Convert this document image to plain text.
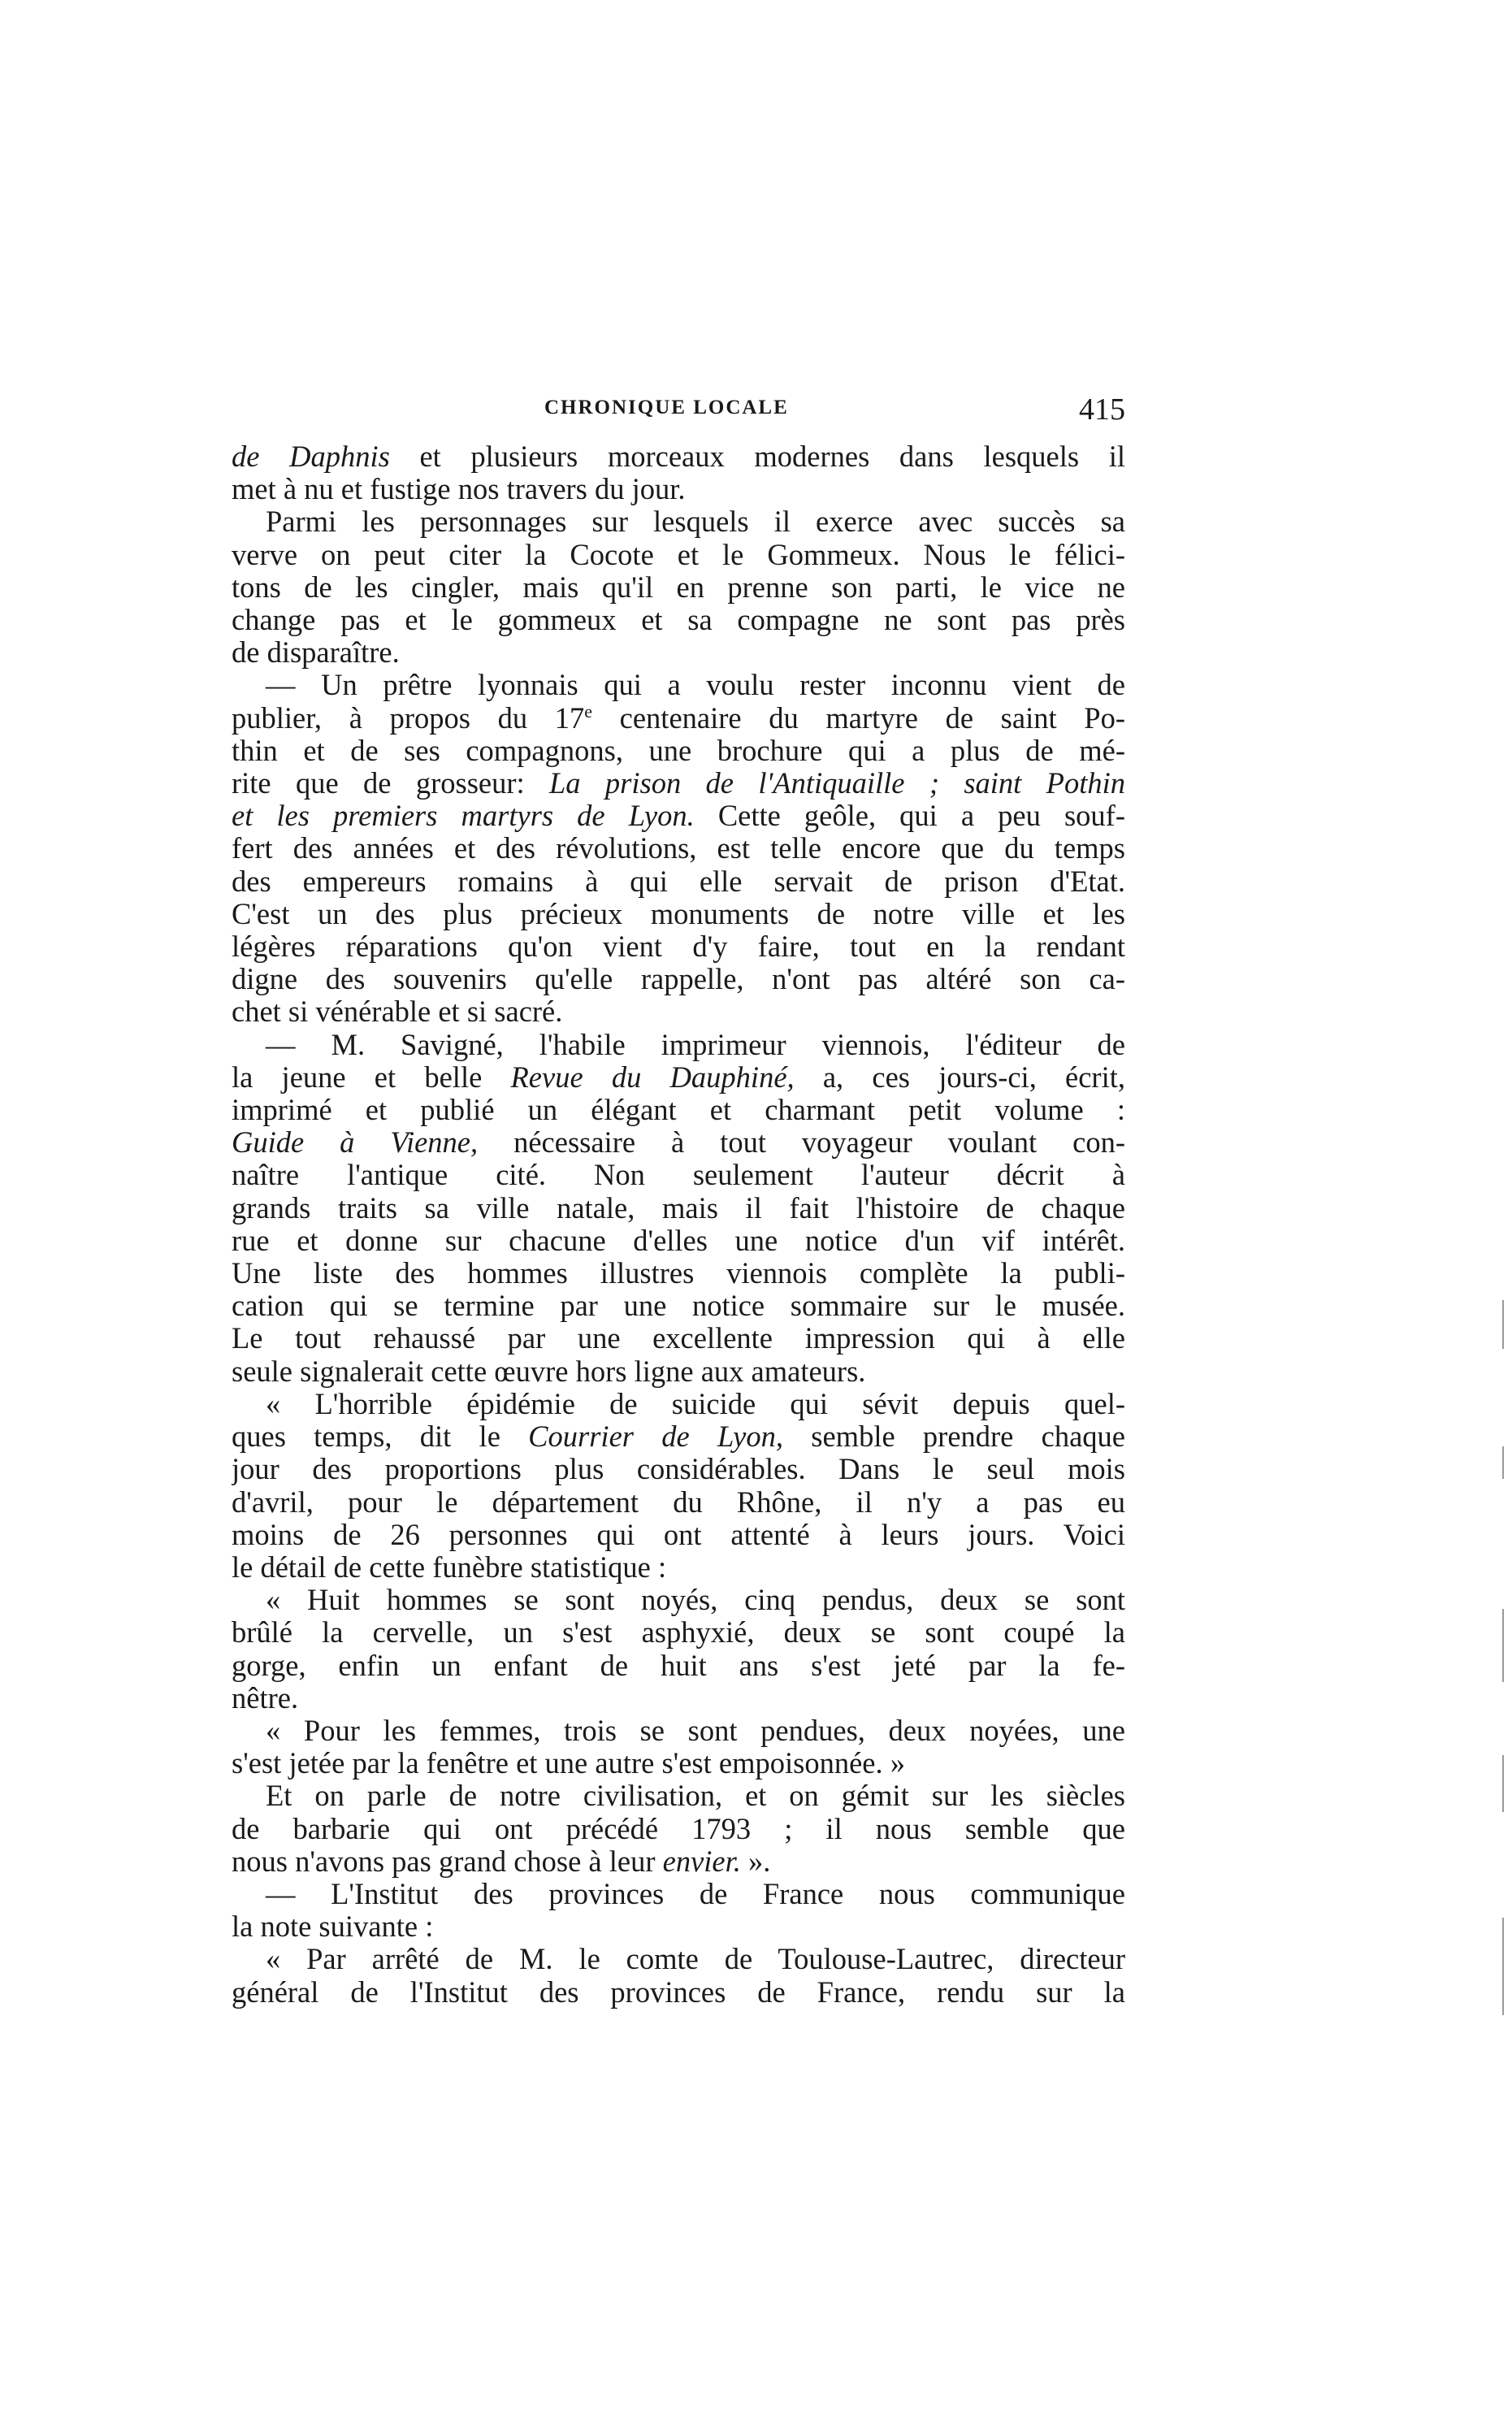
CHRONIQUE LOCALE	415
de Daphnis et plusieurs morceaux modernes dans lesquels il
met à nu et fustige nos travers du jour.
Parmi les personnages sur lesquels il exerce avec succès sa
verve on peut citer la Cocote et le Gommeux. Nous le félici-
tons de les cingler, mais qu'il en prenne son parti, le vice ne
change pas et le gommeux et sa compagne ne sont pas près
de disparaître.
— Un prêtre lyonnais qui a voulu rester inconnu vient de
publier, à propos du 17e centenaire du martyre de saint Po-
thin et de ses compagnons, une brochure qui a plus de mé-
rite que de grosseur: La prison de l'Antiquaille ; saint Pothin
et les premiers martyrs de Lyon. Cette geôle, qui a peu souf-
fert des années et des révolutions, est telle encore que du temps
des empereurs romains à qui elle servait de prison d'Etat.
C'est un des plus précieux monuments de notre ville et les
légères réparations qu'on vient d'y faire, tout en la rendant
digne des souvenirs qu'elle rappelle, n'ont pas altéré son ca-
chet si vénérable et si sacré.
— M. Savigné, l'habile imprimeur viennois, l'éditeur de
la jeune et belle Revue du Dauphiné, a, ces jours-ci, écrit,
imprimé et publié un élégant et charmant petit volume :
Guide à Vienne, nécessaire à tout voyageur voulant con-
naître l'antique cité. Non seulement l'auteur décrit à
grands traits sa ville natale, mais il fait l'histoire de chaque
rue et donne sur chacune d'elles une notice d'un vif intérêt.
Une liste des hommes illustres viennois complète la publi-
cation qui se termine par une notice sommaire sur le musée.
Le tout rehaussé par une excellente impression qui à elle
seule signalerait cette œuvre hors ligne aux amateurs.
« L'horrible épidémie de suicide qui sévit depuis quel-
ques temps, dit le Courrier de Lyon, semble prendre chaque
jour des proportions plus considérables. Dans le seul mois
d'avril, pour le département du Rhône, il n'y a pas eu
moins de 26 personnes qui ont attenté à leurs jours. Voici
le détail de cette funèbre statistique :
« Huit hommes se sont noyés, cinq pendus, deux se sont
brûlé la cervelle, un s'est asphyxié, deux se sont coupé la
gorge, enfin un enfant de huit ans s'est jeté par la fe-
nêtre.
« Pour les femmes, trois se sont pendues, deux noyées, une
s'est jetée par la fenêtre et une autre s'est empoisonnée. »
Et on parle de notre civilisation, et on gémit sur les siècles
de barbarie qui ont précédé 1793 ; il nous semble que
nous n'avons pas grand chose à leur envier. ».
— L'Institut des provinces de France nous communique
la note suivante :
« Par arrêté de M. le comte de Toulouse-Lautrec, directeur
général de l'Institut des provinces de France, rendu sur la
